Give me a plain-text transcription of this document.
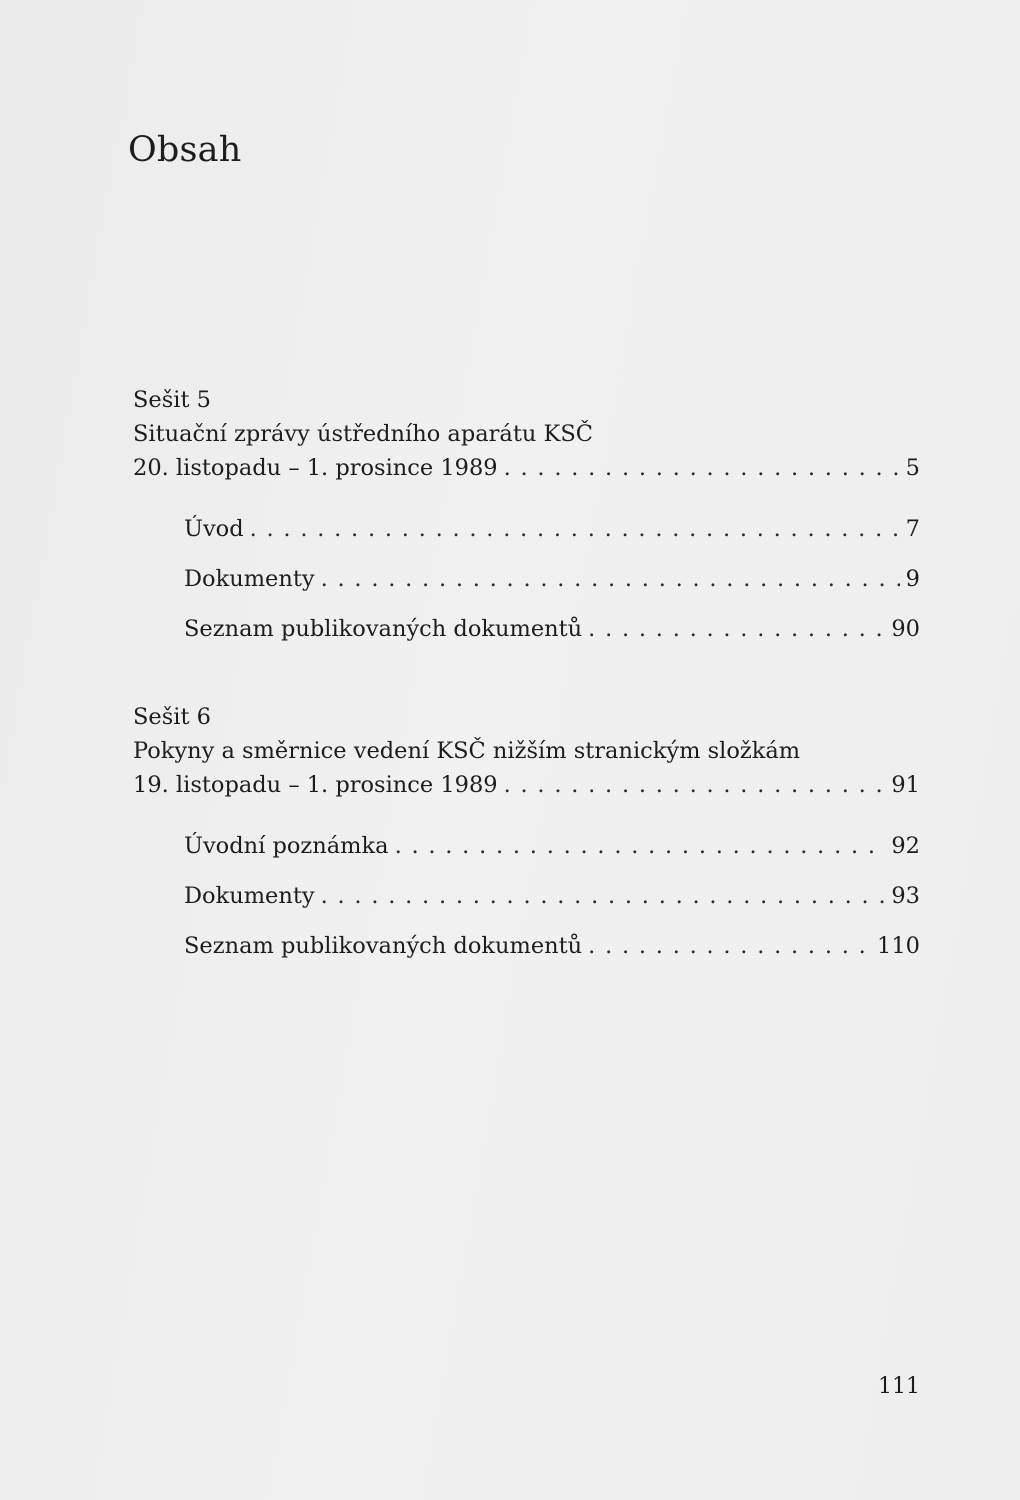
Obsah
Sešit 5
Situační zprávy ústředního aparátu KSČ
20. listopadu – 1. prosince 1989 . . .	5
Úvod . . .	7
Dokumenty . . .	9
Seznam publikovaných dokumentů . . .	90
Sešit 6
Pokyny a směrnice vedení KSČ nižším stranickým složkám
19. listopadu – 1. prosince 1989 . . .	91
Úvodní poznámka . . .	92
Dokumenty . . .	93
Seznam publikovaných dokumentů . . .	110
111
